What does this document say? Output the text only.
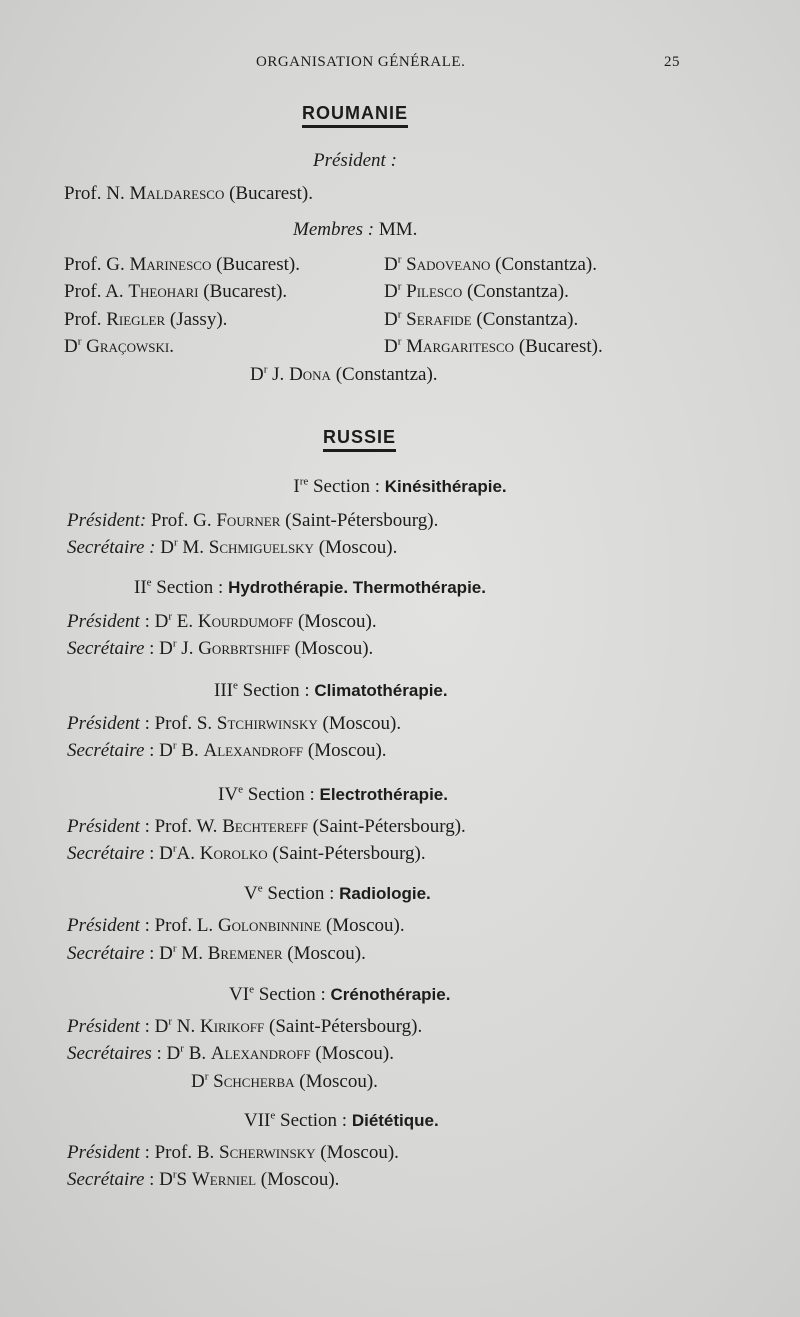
ORGANISATION GÉNÉRALE.	25
ROUMANIE
Président :
Prof. N. Maldaresco (Bucarest).
Membres : MM.
Prof. G. Marinesco (Bucarest).
Prof. A. Theohari (Bucarest).
Prof. Riegler (Jassy).
$D^r$ Graçowski.
$D^r$ Sadoveano (Constantza).
$D^r$ Pilesco (Constantza).
$D^r$ Serafide (Constantza).
$D^r$ Margaritesco (Bucarest).
$D^r$ J. Dona (Constantza).
RUSSIE
Ire Section : Kinésithérapie.
Président: Prof. G. Fourner (Saint-Pétersbourg).
Secrétaire : $D^r$ M. Schmiguelsky (Moscou).
IIe Section : Hydrothérapie. Thermothérapie.
Président : $D^r$ E. Kourdumoff (Moscou).
Secrétaire : $D^r$ J. Gorbrtshiff (Moscou).
IIIe Section : Climatothérapie.
Président : Prof. S. Stchirwinsky (Moscou).
Secrétaire : $D^r$ B. Alexandroff (Moscou).
IVe Section : Electrothérapie.
Président : Prof. W. Bechtereff (Saint-Pétersbourg).
Secrétaire : $D^rA$. Korolko (Saint-Pétersbourg).
Ve Section : Radiologie.
Président : Prof. L. Golonbinnine (Moscou).
Secrétaire : $D^r$ M. Bremener (Moscou).
VIe Section : Crénothérapie.
Président : $D^r$ N. Kirikoff (Saint-Pétersbourg).
Secrétaires : $D^r$ B. Alexandroff (Moscou).
$D^r$ Schcherba (Moscou).
VIIe Section : Diététique.
Président : Prof. B. Scherwinsky (Moscou).
Secrétaire : $D^rS$ Werniel (Moscou).
